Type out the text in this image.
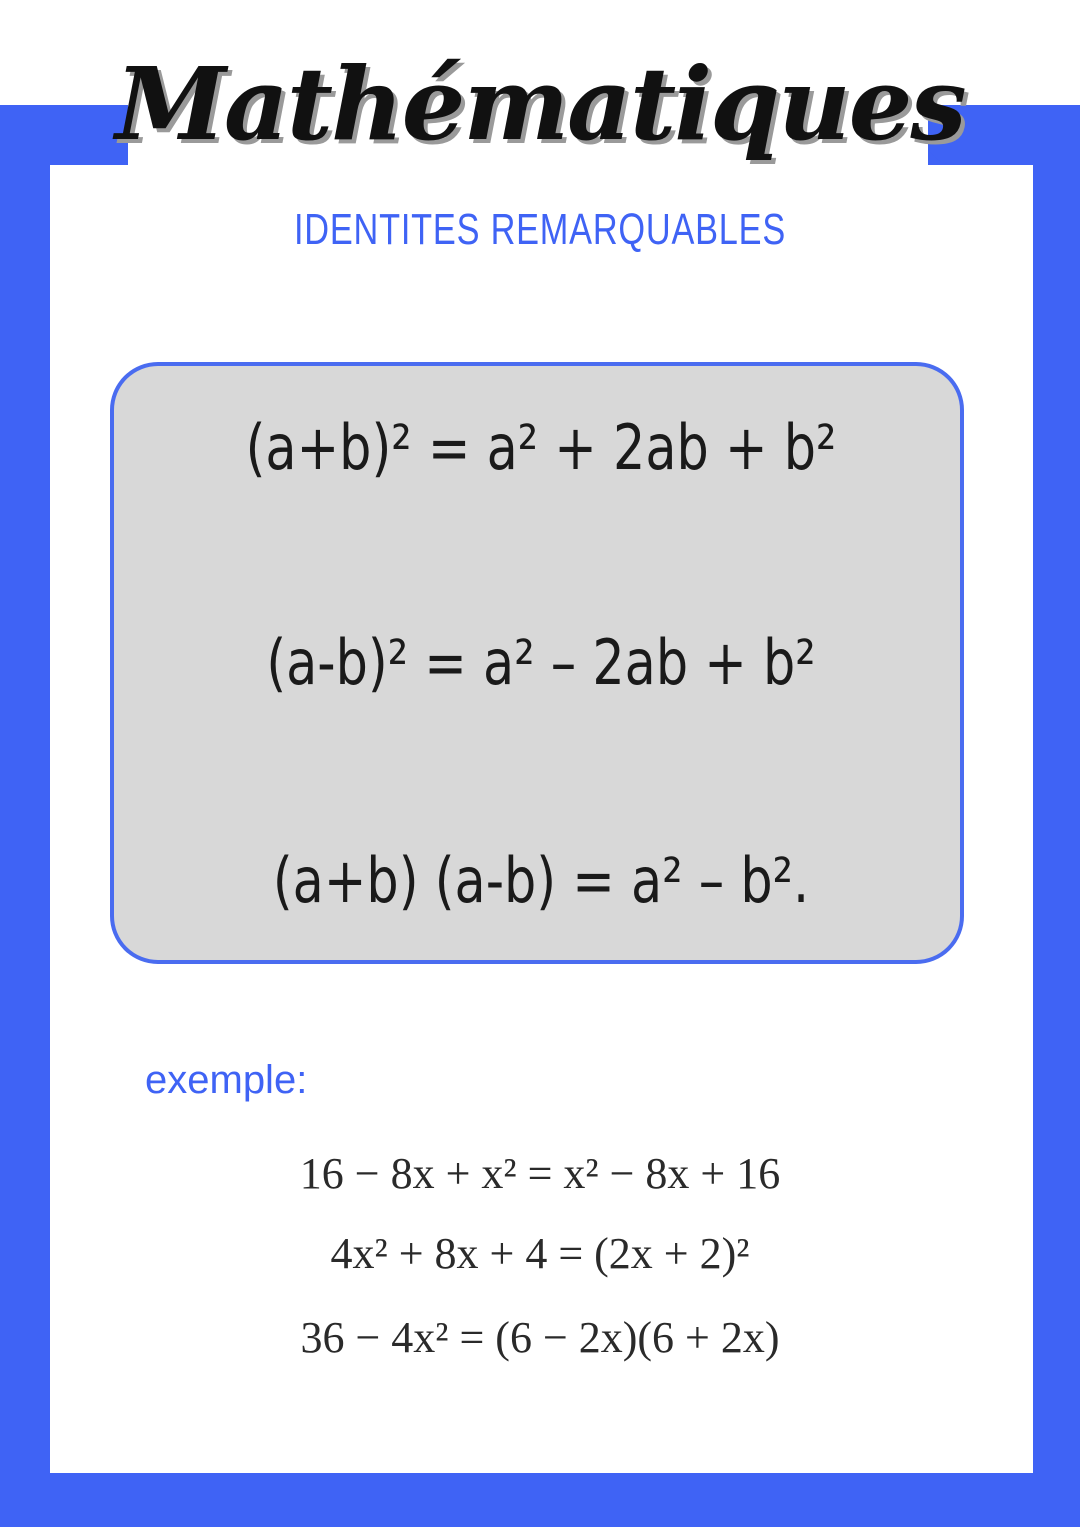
Mathématiques
IDENTITES REMARQUABLES
(a+b)² = a² + 2ab + b²
(a-b)² = a² – 2ab + b²
(a+b) (a-b) = a² – b².
exemple:
16 − 8x + x² = x² − 8x + 16
4x² + 8x + 4 = (2x + 2)²
36 − 4x² = (6 − 2x)(6 + 2x)
